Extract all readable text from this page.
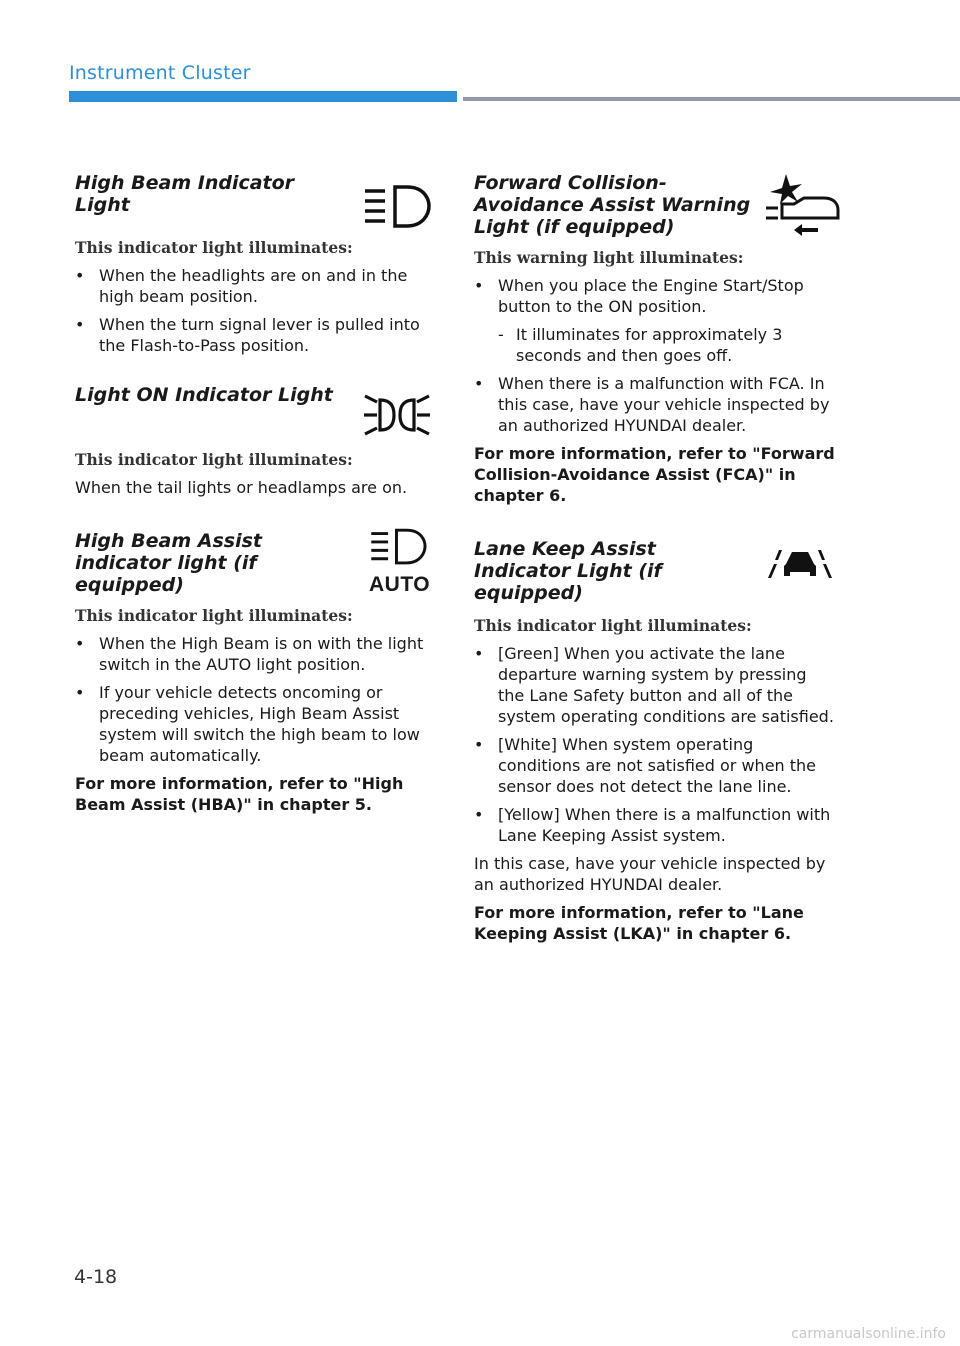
Instrument Cluster
High Beam Indicator Light
This indicator light illuminates:
• When the headlights are on and in the high beam position.
• When the turn signal lever is pulled into the Flash-to-Pass position.
Light ON Indicator Light
This indicator light illuminates:
When the tail lights or headlamps are on.
High Beam Assist indicator light (if equipped)	AUTO
This indicator light illuminates:
• When the High Beam is on with the light switch in the AUTO light position.
• If your vehicle detects oncoming or preceding vehicles, High Beam Assist system will switch the high beam to low beam automatically.
For more information, refer to "High Beam Assist (HBA)" in chapter 5.
Forward Collision-Avoidance Assist Warning Light (if equipped)
This warning light illuminates:
• When you place the Engine Start/Stop button to the ON position.
- It illuminates for approximately 3 seconds and then goes off.
• When there is a malfunction with FCA. In this case, have your vehicle inspected by an authorized HYUNDAI dealer.
For more information, refer to "Forward Collision-Avoidance Assist (FCA)" in chapter 6.
Lane Keep Assist Indicator Light (if equipped)
This indicator light illuminates:
• [Green] When you activate the lane departure warning system by pressing the Lane Safety button and all of the system operating conditions are satisfied.
• [White] When system operating conditions are not satisfied or when the sensor does not detect the lane line.
• [Yellow] When there is a malfunction with Lane Keeping Assist system.
In this case, have your vehicle inspected by an authorized HYUNDAI dealer.
For more information, refer to "Lane Keeping Assist (LKA)" in chapter 6.
4-18
carmanualsonline.info
